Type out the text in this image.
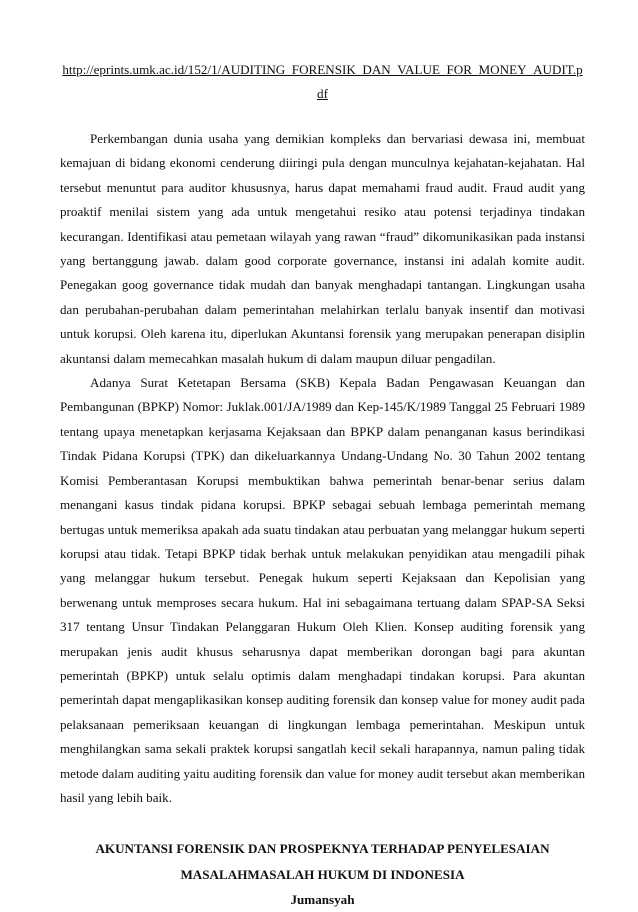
http://eprints.umk.ac.id/152/1/AUDITING_FORENSIK_DAN_VALUE_FOR_MONEY_AUDIT.p
df

Perkembangan dunia usaha yang demikian kompleks dan bervariasi dewasa ini, membuat kemajuan di bidang ekonomi cenderung diiringi pula dengan munculnya kejahatan-kejahatan. Hal tersebut menuntut para auditor khususnya, harus dapat memahami fraud audit. Fraud audit yang proaktif menilai sistem yang ada untuk mengetahui resiko atau potensi terjadinya tindakan kecurangan. Identifikasi atau pemetaan wilayah yang rawan “fraud” dikomunikasikan pada instansi yang bertanggung jawab. dalam good corporate governance, instansi ini adalah komite audit. Penegakan goog governance tidak mudah dan banyak menghadapi tantangan. Lingkungan usaha dan perubahan-perubahan dalam pemerintahan melahirkan terlalu banyak insentif dan motivasi untuk korupsi. Oleh karena itu, diperlukan Akuntansi forensik yang merupakan penerapan disiplin akuntansi dalam memecahkan masalah hukum di dalam maupun diluar pengadilan.

Adanya Surat Ketetapan Bersama (SKB) Kepala Badan Pengawasan Keuangan dan Pembangunan (BPKP) Nomor: Juklak.001/JA/1989 dan Kep-145/K/1989 Tanggal 25 Februari 1989 tentang upaya menetapkan kerjasama Kejaksaan dan BPKP dalam penanganan kasus berindikasi Tindak Pidana Korupsi (TPK) dan dikeluarkannya Undang-Undang No. 30 Tahun 2002 tentang Komisi Pemberantasan Korupsi membuktikan bahwa pemerintah benar-benar serius dalam menangani kasus tindak pidana korupsi. BPKP sebagai sebuah lembaga pemerintah memang bertugas untuk memeriksa apakah ada suatu tindakan atau perbuatan yang melanggar hukum seperti korupsi atau tidak. Tetapi BPKP tidak berhak untuk melakukan penyidikan atau mengadili pihak yang melanggar hukum tersebut. Penegak hukum seperti Kejaksaan dan Kepolisian yang berwenang untuk memproses secara hukum. Hal ini sebagaimana tertuang dalam SPAP-SA Seksi 317 tentang Unsur Tindakan Pelanggaran Hukum Oleh Klien. Konsep auditing forensik yang merupakan jenis audit khusus seharusnya dapat memberikan dorongan bagi para akuntan pemerintah (BPKP) untuk selalu optimis dalam menghadapi tindakan korupsi. Para akuntan pemerintah dapat mengaplikasikan konsep auditing forensik dan konsep value for money audit pada pelaksanaan pemeriksaan keuangan di lingkungan lembaga pemerintahan. Meskipun untuk menghilangkan sama sekali praktek korupsi sangatlah kecil sekali harapannya, namun paling tidak metode dalam auditing yaitu auditing forensik dan value for money audit tersebut akan memberikan hasil yang lebih baik.

AKUNTANSI FORENSIK DAN PROSPEKNYA TERHADAP PENYELESAIAN
MASALAHMASALAH HUKUM DI INDONESIA
Jumansyah
